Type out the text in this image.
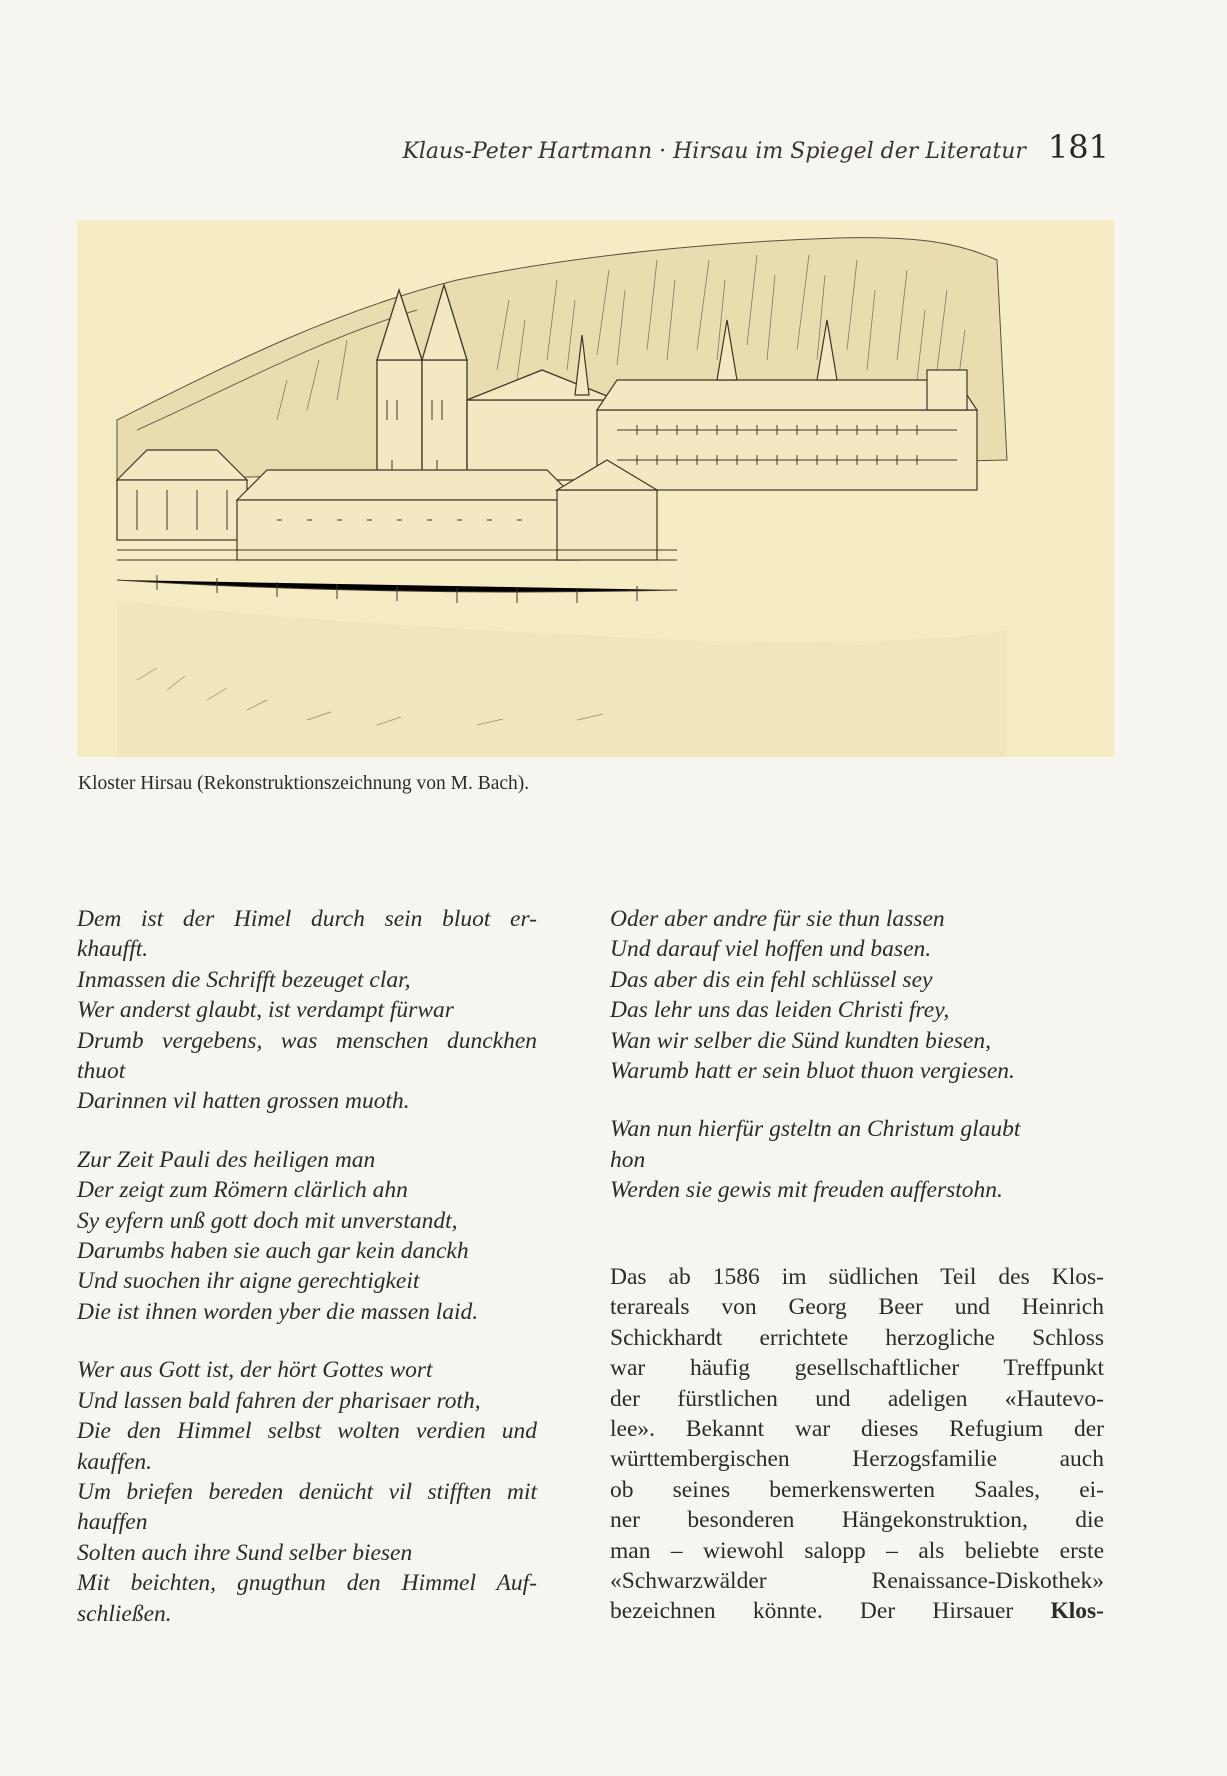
Klaus-Peter Hartmann · Hirsau im Spiegel der Literatur 181
Kloster Hirsau (Rekonstruktionszeichnung von M. Bach).
Dem ist der Himel durch sein bluot er-
khaufft.
Inmassen die Schrifft bezeuget clar,
Wer anderst glaubt, ist verdampt fürwar
Drumb vergebens, was menschen dunckhen
thuot
Darinnen vil hatten grossen muoth.
Zur Zeit Pauli des heiligen man
Der zeigt zum Römern clärlich ahn
Sy eyfern unß gott doch mit unverstandt,
Darumbs haben sie auch gar kein danckh
Und suochen ihr aigne gerechtigkeit
Die ist ihnen worden yber die massen laid.
Wer aus Gott ist, der hört Gottes wort
Und lassen bald fahren der pharisaer roth,
Die den Himmel selbst wolten verdien und
kauffen.
Um briefen bereden denücht vil stifften mit
hauffen
Solten auch ihre Sund selber biesen
Mit beichten, gnugthun den Himmel Auf-
schließen.
Oder aber andre für sie thun lassen
Und darauf viel hoffen und basen.
Das aber dis ein fehl schlüssel sey
Das lehr uns das leiden Christi frey,
Wan wir selber die Sünd kundten biesen,
Warumb hatt er sein bluot thuon vergiesen.
Wan nun hierfür gsteltn an Christum glaubt
hon
Werden sie gewis mit freuden aufferstohn.
Das ab 1586 im südlichen Teil des Klos-
terareals von Georg Beer und Heinrich
Schickhardt errichtete herzogliche Schloss
war häufig gesellschaftlicher Treffpunkt
der fürstlichen und adeligen «Hautevo-
lee». Bekannt war dieses Refugium der
württembergischen Herzogsfamilie auch
ob seines bemerkenswerten Saales, ei-
ner besonderen Hängekonstruktion, die
man – wiewohl salopp – als beliebte erste
«Schwarzwälder Renaissance-Diskothek»
bezeichnen könnte. Der Hirsauer Klos-
